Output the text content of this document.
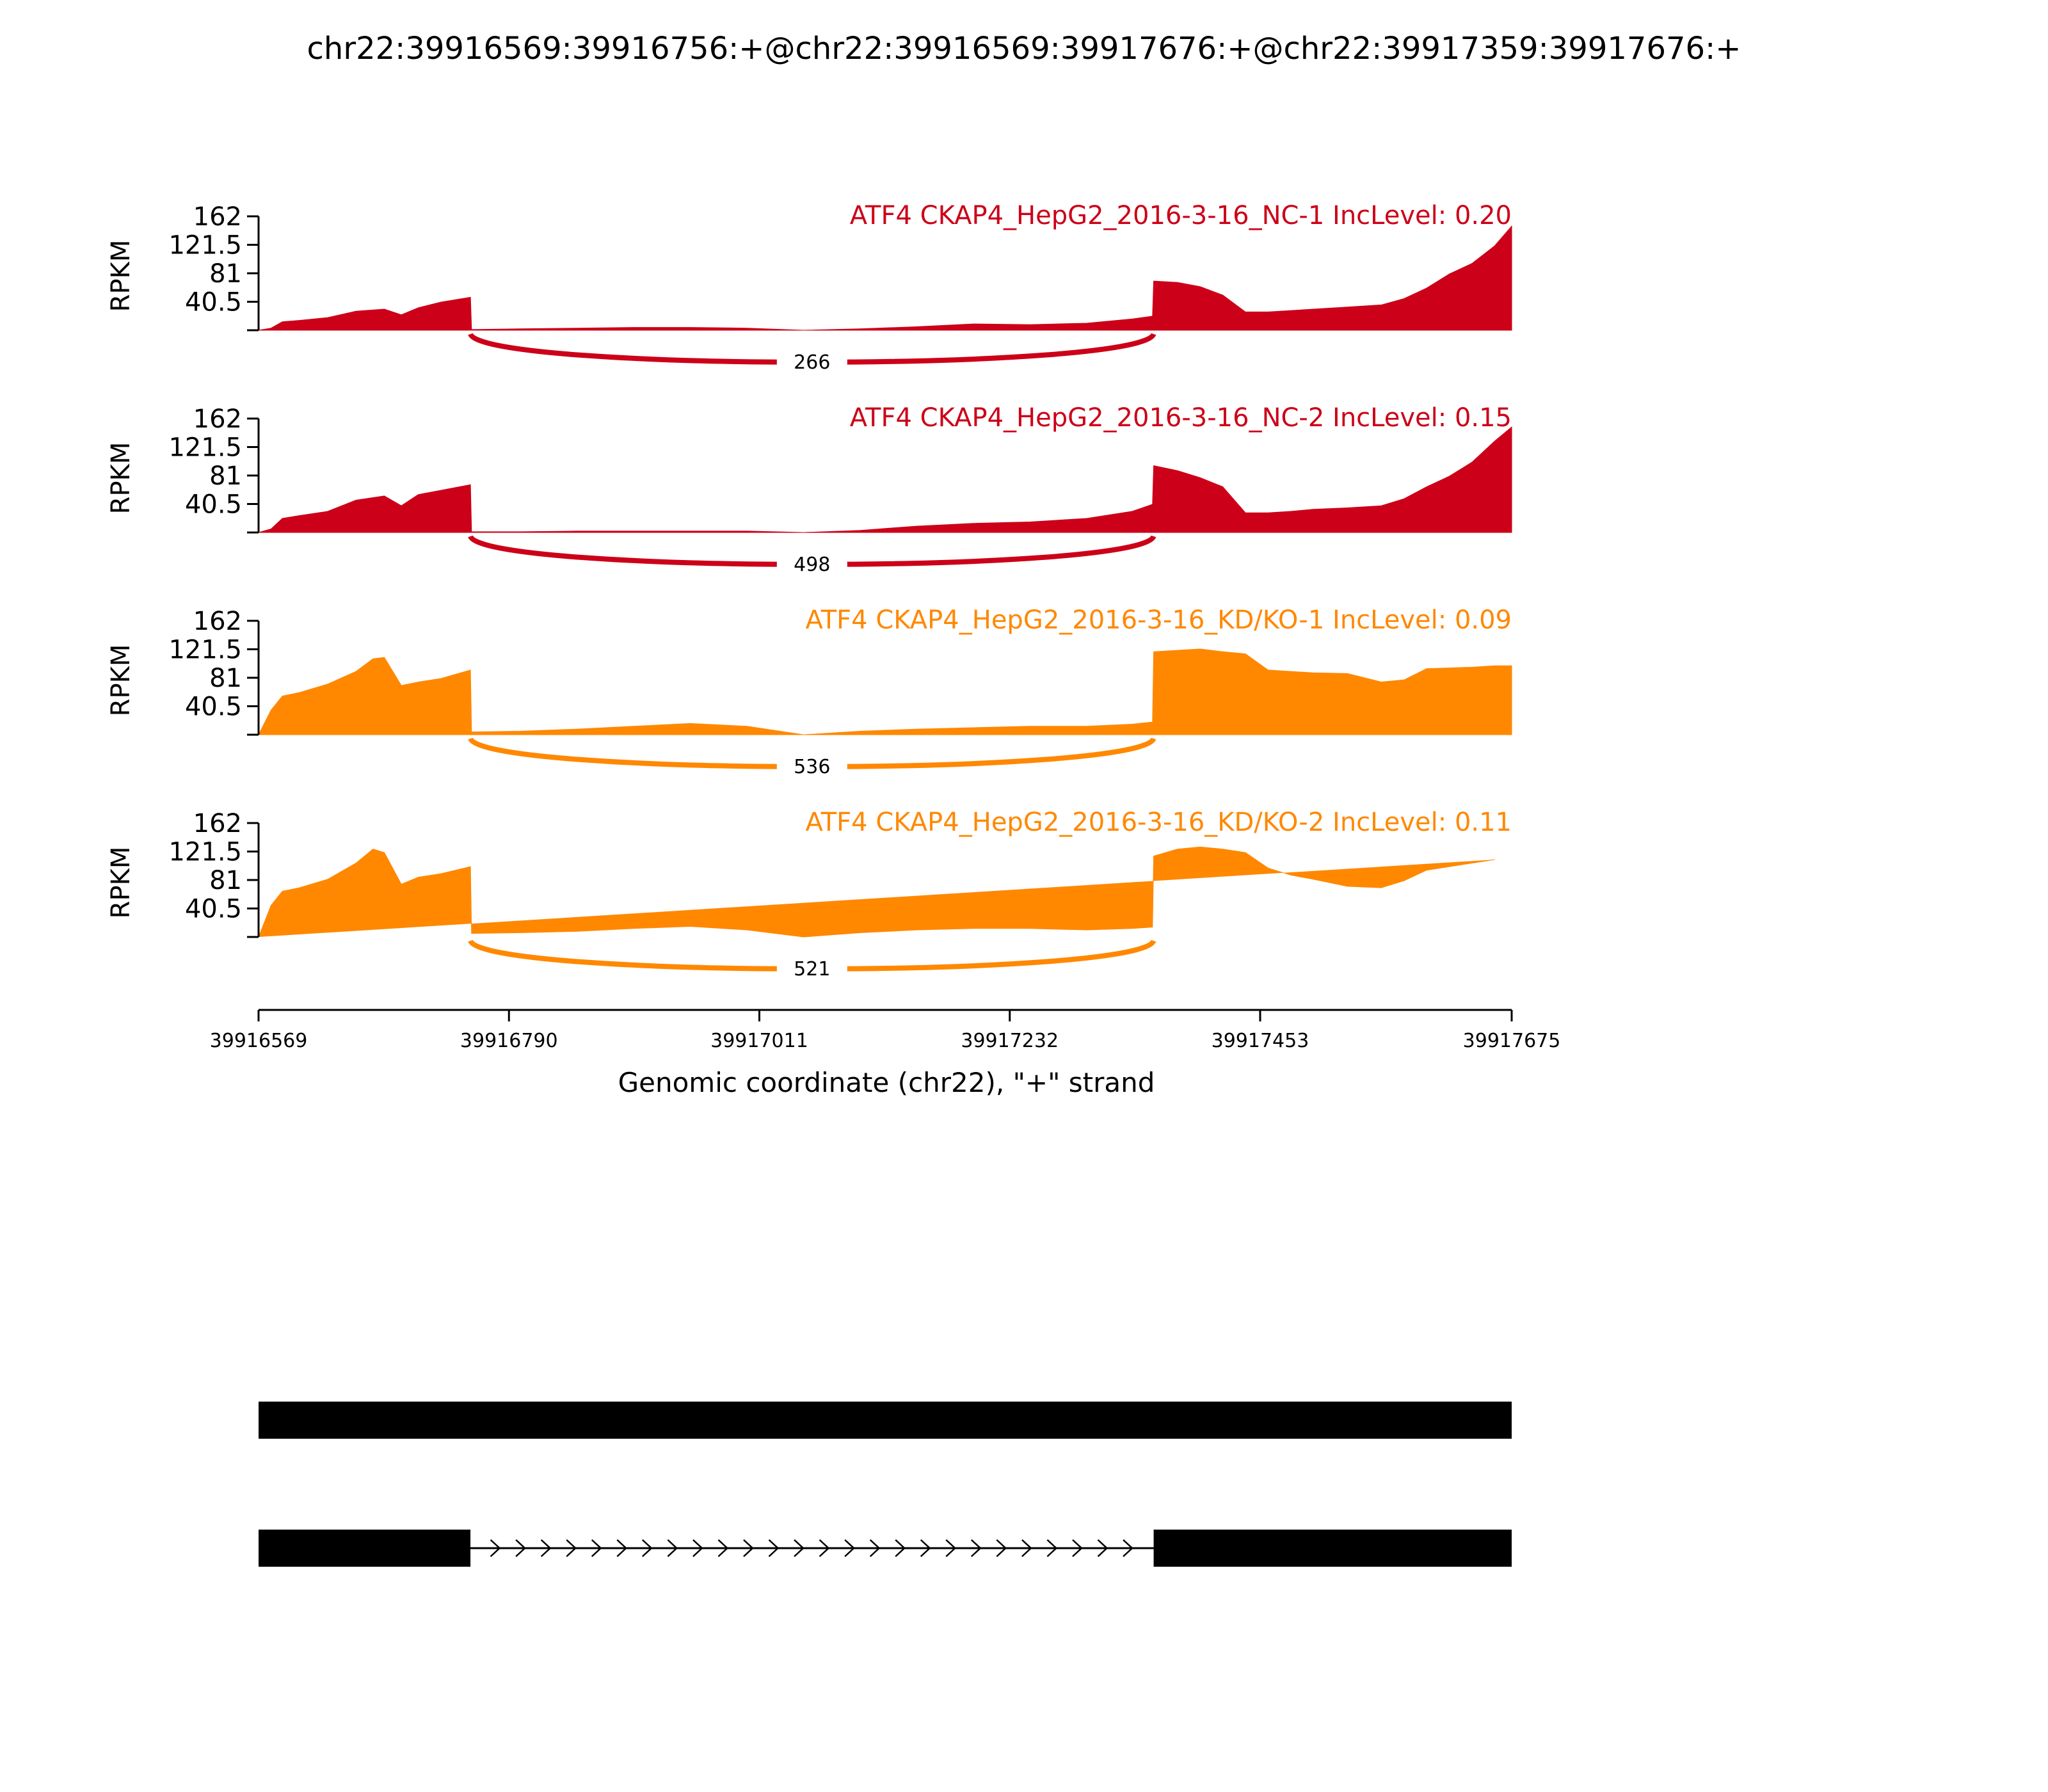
chr22:39916569:39916756:+@chr22:39916569:39917676:+@chr22:39917359:39917676:+
162
121.5
81
40.5
RPKM
ATF4 CKAP4_HepG2_2016-3-16_NC-1 IncLevel: 0.20
266
162
121.5
81
40.5
RPKM
ATF4 CKAP4_HepG2_2016-3-16_NC-2 IncLevel: 0.15
498
162
121.5
81
40.5
RPKM
ATF4 CKAP4_HepG2_2016-3-16_KD/KO-1 IncLevel: 0.09
536
162
121.5
81
40.5
RPKM
ATF4 CKAP4_HepG2_2016-3-16_KD/KO-2 IncLevel: 0.11
521
39916569	39916790	39917011	39917232	39917453	39917675
Genomic coordinate (chr22), "+" strand
